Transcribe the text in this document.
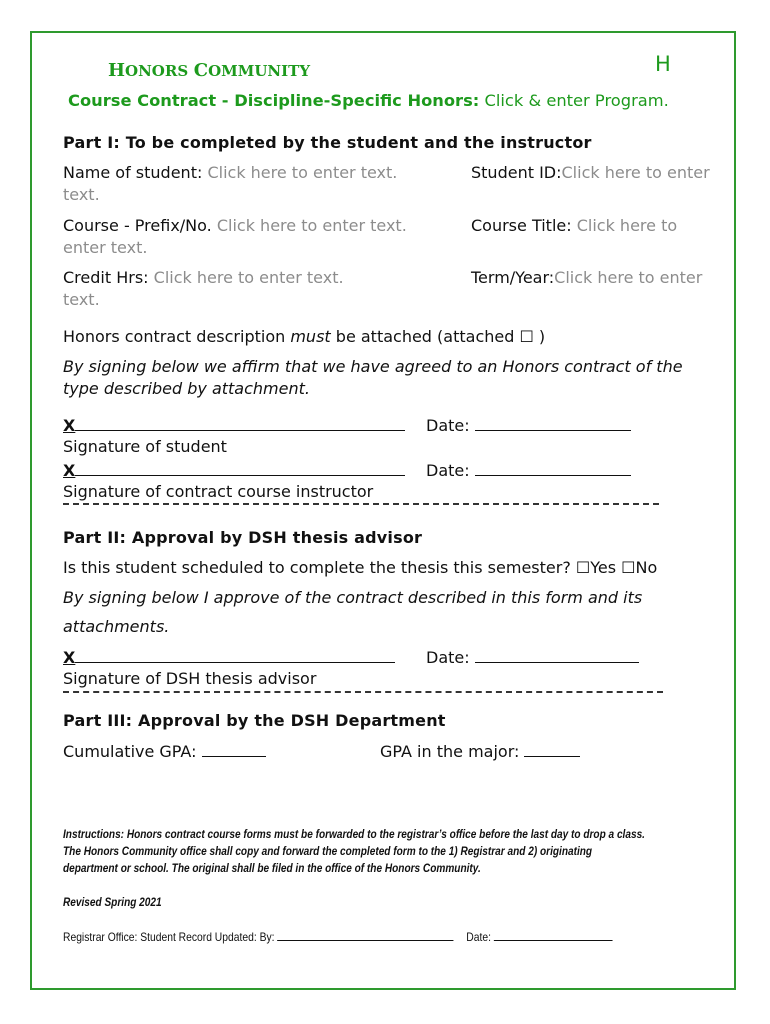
HONORS COMMUNITY	H
Course Contract - Discipline-Specific Honors: Click & enter Program.
Part I: To be completed by the student and the instructor
Name of student: Click here to enter text.	Student ID:Click here to enter
text.
Course - Prefix/No. Click here to enter text.	Course Title: Click here to
enter text.
Credit Hrs: Click here to enter text.	Term/Year:Click here to enter
text.
Honors contract description must be attached (attached ☐ )
By signing below we affirm that we have agreed to an Honors contract of the
type described by attachment.
X	Date:
Signature of student
X	Date:
Signature of contract course instructor
Part II: Approval by DSH thesis advisor
Is this student scheduled to complete the thesis this semester? ☐Yes ☐No
By signing below I approve of the contract described in this form and its
attachments.
X	Date:
Signature of DSH thesis advisor
Part III: Approval by the DSH Department
Cumulative GPA:	GPA in the major:
Instructions: Honors contract course forms must be forwarded to the registrar’s office before the last day to drop a class.
The Honors Community office shall copy and forward the completed form to the 1) Registrar and 2) originating
department or school. The original shall be filed in the office of the Honors Community.
Revised Spring 2021
Registrar Office: Student Record Updated: By:	Date:
